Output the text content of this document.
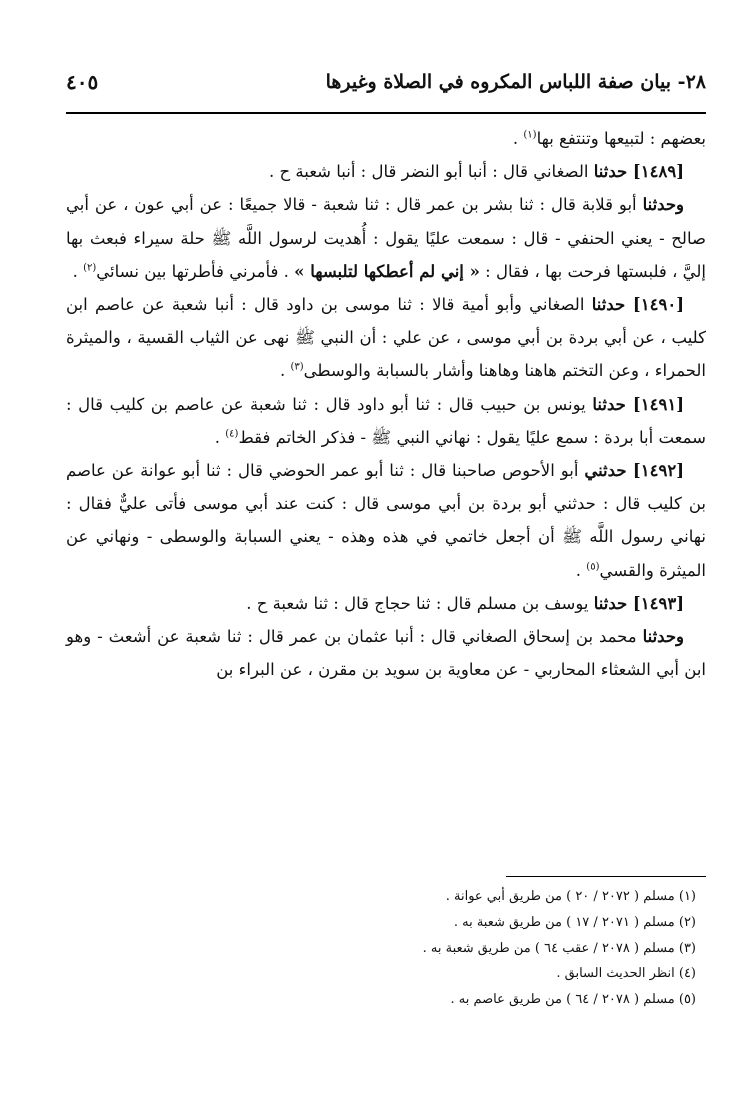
٢٨- بيان صفة اللباس المكروه في الصلاة وغيرها
٤٠٥

بعضهم : لتبيعها وتنتفع بها$^{(١)}$ .

[١٤٨٩] حدثنا الصغاني قال : أنبا أبو النضر قال : أنبا شعبة ح .

وحدثنا أبو قلابة قال : ثنا بشر بن عمر قال : ثنا شعبة - قالا جميعًا : عن أبي عون ، عن أبي صالح - يعني الحنفي - قال : سمعت عليًا يقول : أُهديت لرسول اللَّه ﷺ حلة سيراء فبعث بها إليَّ ، فلبستها فرحت بها ، فقال : « إني لم أعطكها لتلبسها » . فأمرني فأطرتها بين نسائي$^{(٢)}$ .

[١٤٩٠] حدثنا الصغاني وأبو أمية قالا : ثنا موسى بن داود قال : أنبا شعبة عن عاصم ابن كليب ، عن أبي بردة بن أبي موسى ، عن علي : أن النبي ﷺ نهى عن الثياب القسية ، والميثرة الحمراء ، وعن التختم هاهنا وهاهنا وأشار بالسبابة والوسطى$^{(٣)}$ .

[١٤٩١] حدثنا يونس بن حبيب قال : ثنا أبو داود قال : ثنا شعبة عن عاصم بن كليب قال : سمعت أبا بردة : سمع عليًا يقول : نهاني النبي ﷺ - فذكر الخاتم فقط$^{(٤)}$ .

[١٤٩٢] حدثني أبو الأحوص صاحبنا قال : ثنا أبو عمر الحوضي قال : ثنا أبو عوانة عن عاصم بن كليب قال : حدثني أبو بردة بن أبي موسى قال : كنت عند أبي موسى فأتى عليٌّ فقال : نهاني رسول اللَّه ﷺ أن أجعل خاتمي في هذه وهذه - يعني السبابة والوسطى - ونهاني عن الميثرة والقسي$^{(٥)}$ .

[١٤٩٣] حدثنا يوسف بن مسلم قال : ثنا حجاج قال : ثنا شعبة ح .

وحدثنا محمد بن إسحاق الصغاني قال : أنبا عثمان بن عمر قال : ثنا شعبة عن أشعث - وهو ابن أبي الشعثاء المحاربي - عن معاوية بن سويد بن مقرن ، عن البراء بن

(١) مسلم ( ٢٠٧٢ / ٢٠ ) من طريق أبي عوانة .

(٢) مسلم ( ٢٠٧١ / ١٧ ) من طريق شعبة به .

(٣) مسلم ( ٢٠٧٨ / عقب ٦٤ ) من طريق شعبة به .

(٤) انظر الحديث السابق .

(٥) مسلم ( ٢٠٧٨ / ٦٤ ) من طريق عاصم به .
